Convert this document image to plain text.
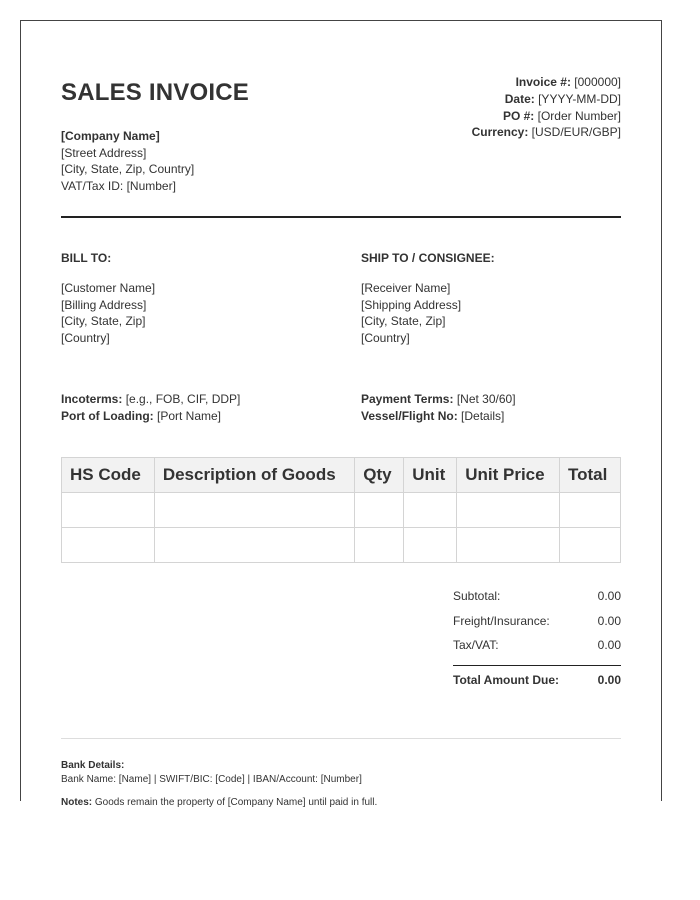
SALES INVOICE
[Company Name]
[Street Address]
[City, State, Zip, Country]
VAT/Tax ID: [Number]
Invoice #: [000000]
Date: [YYYY-MM-DD]
PO #: [Order Number]
Currency: [USD/EUR/GBP]
BILL TO:
[Customer Name]
[Billing Address]
[City, State, Zip]
[Country]
SHIP TO / CONSIGNEE:
[Receiver Name]
[Shipping Address]
[City, State, Zip]
[Country]
Incoterms: [e.g., FOB, CIF, DDP]
Port of Loading: [Port Name]
Payment Terms: [Net 30/60]
Vessel/Flight No: [Details]
HS Code	Description of Goods	Qty	Unit	Unit Price	Total

Subtotal:	0.00
Freight/Insurance:	0.00
Tax/VAT:	0.00
Total Amount Due:	0.00
Bank Details:
Bank Name: [Name] | SWIFT/BIC: [Code] | IBAN/Account: [Number]
Notes: Goods remain the property of [Company Name] until paid in full.
